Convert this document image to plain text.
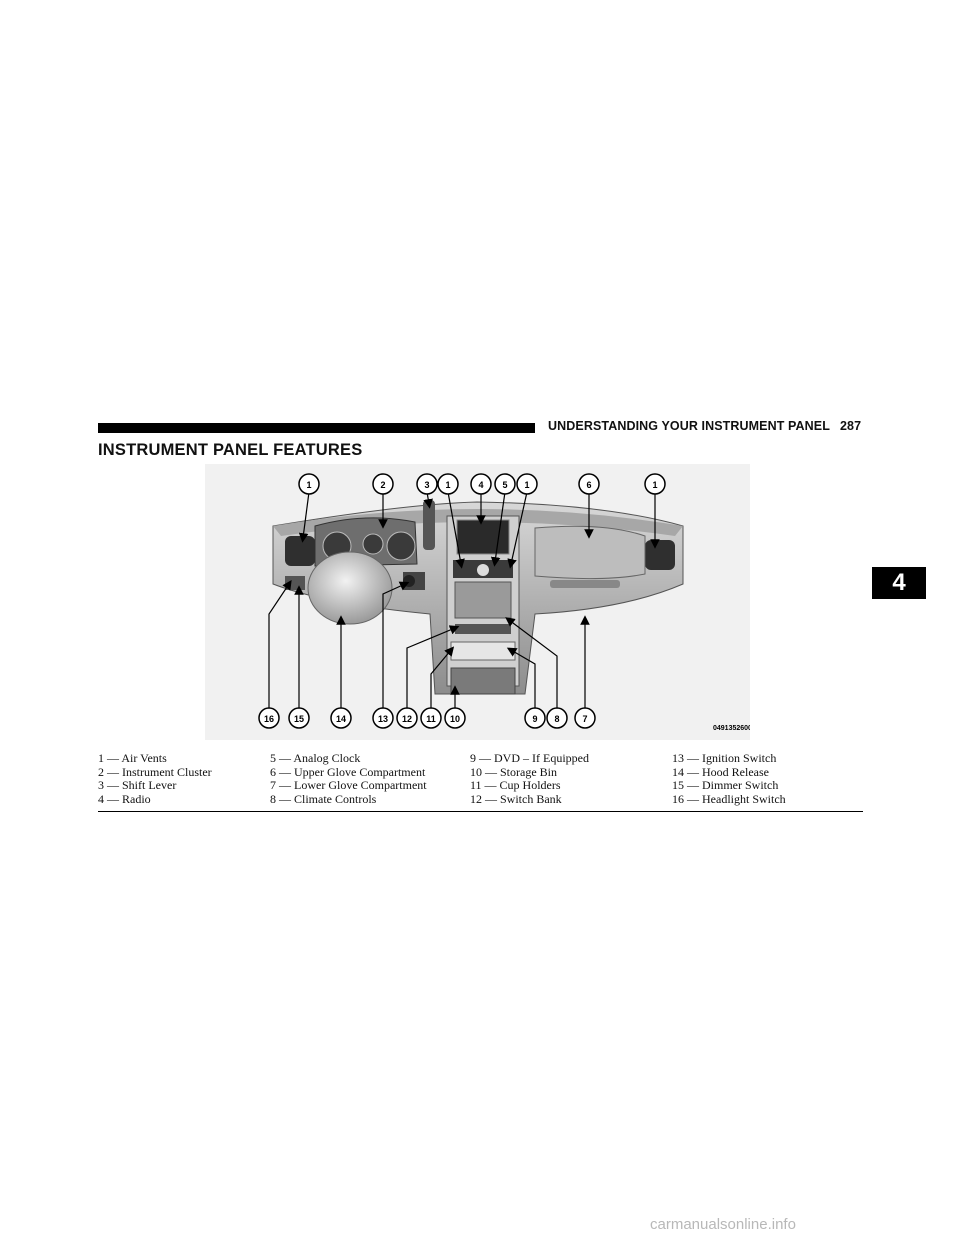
UNDERSTANDING YOUR INSTRUMENT PANEL 287
INSTRUMENT PANEL FEATURES
1	2	3 1	4 5 1	6	1
16 15	14	13 12 11 10	9 8	7
0491352600
1 — Air Vents
2 — Instrument Cluster
3 — Shift Lever
4 — Radio
5 — Analog Clock
6 — Upper Glove Compartment
7 — Lower Glove Compartment
8 — Climate Controls
9 — DVD – If Equipped
10 — Storage Bin
11 — Cup Holders
12 — Switch Bank
13 — Ignition Switch
14 — Hood Release
15 — Dimmer Switch
16 — Headlight Switch
4
carmanualsonline.info
